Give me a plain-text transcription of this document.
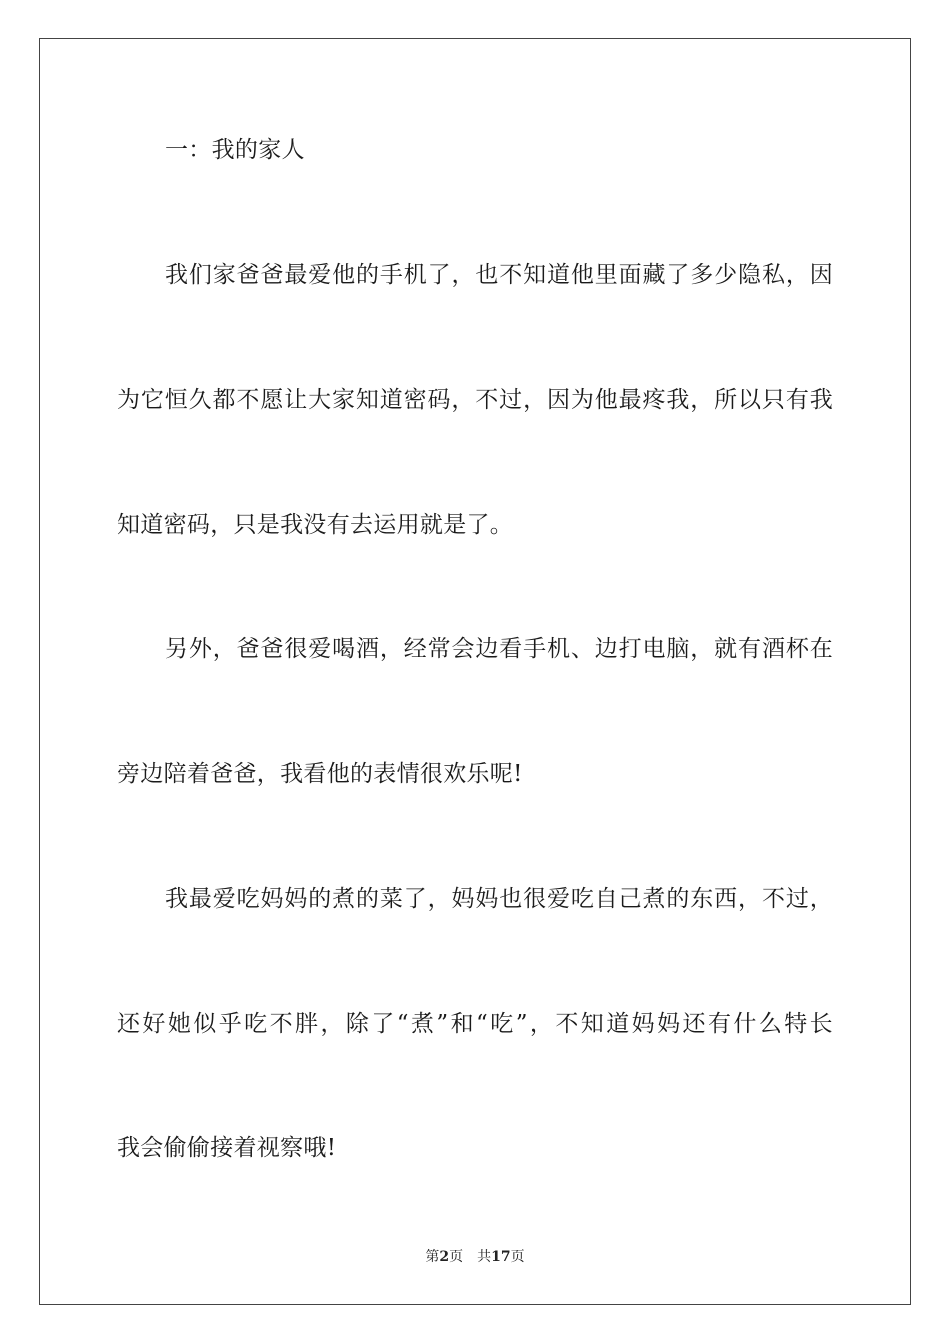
一：我的家人
我们家爸爸最爱他的手机了，也不知道他里面藏了多少隐私，因
为它恒久都不愿让大家知道密码，不过，因为他最疼我，所以只有我
知道密码，只是我没有去运用就是了。
另外，爸爸很爱喝酒，经常会边看手机、边打电脑，就有酒杯在
旁边陪着爸爸，我看他的表情很欢乐呢!
我最爱吃妈妈的煮的菜了，妈妈也很爱吃自己煮的东西，不过，
还好她似乎吃不胖，除了“煮”和“吃”，不知道妈妈还有什么特长
我会偷偷接着视察哦!
第2页 共17页
